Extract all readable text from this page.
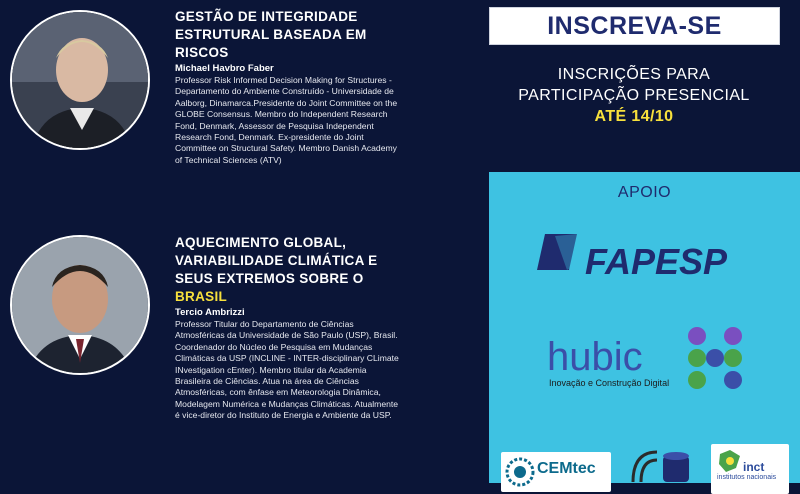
GESTÃO DE INTEGRIDADE ESTRUTURAL BASEADA EM RISCOS
Michael Havbro Faber
Professor Risk Informed Decision Making for Structures - Departamento do Ambiente Construído - Universidade de Aalborg, Dinamarca.Presidente do Joint Committee on the GLOBE Consensus. Membro do Independent Research Fond, Denmark, Assessor de Pesquisa Independent Research Fond, Denmark. Ex-presidente do Joint Committee on Structural Safety. Membro Danish Academy of Technical Sciences (ATV)
AQUECIMENTO GLOBAL, VARIABILIDADE CLIMÁTICA E SEUS EXTREMOS SOBRE O BRASIL
Tercio Ambrizzi
Professor Titular do Departamento de Ciências Atmosféricas da Universidade de São Paulo (USP), Brasil. Coordenador do Núcleo de Pesquisa em Mudanças Climáticas da USP (INCLINE - INTER-disciplinary CLimate INvestigation cEnter). Membro titular da Academia Brasileira de Ciências. Atua na área de Ciências Atmosféricas, com ênfase em Meteorologia Dinâmica, Modelagem Numérica e Mudanças Climáticas. Atualmente é vice-diretor do Instituto de Energia e Ambiente da USP.
INSCREVA-SE
INSCRIÇÕES PARA
PARTICIPAÇÃO PRESENCIAL
ATÉ 14/10
APOIO
FAPESP
hubic
Inovação e Construção Digital
CEMtec	inct
institutos nacionais
